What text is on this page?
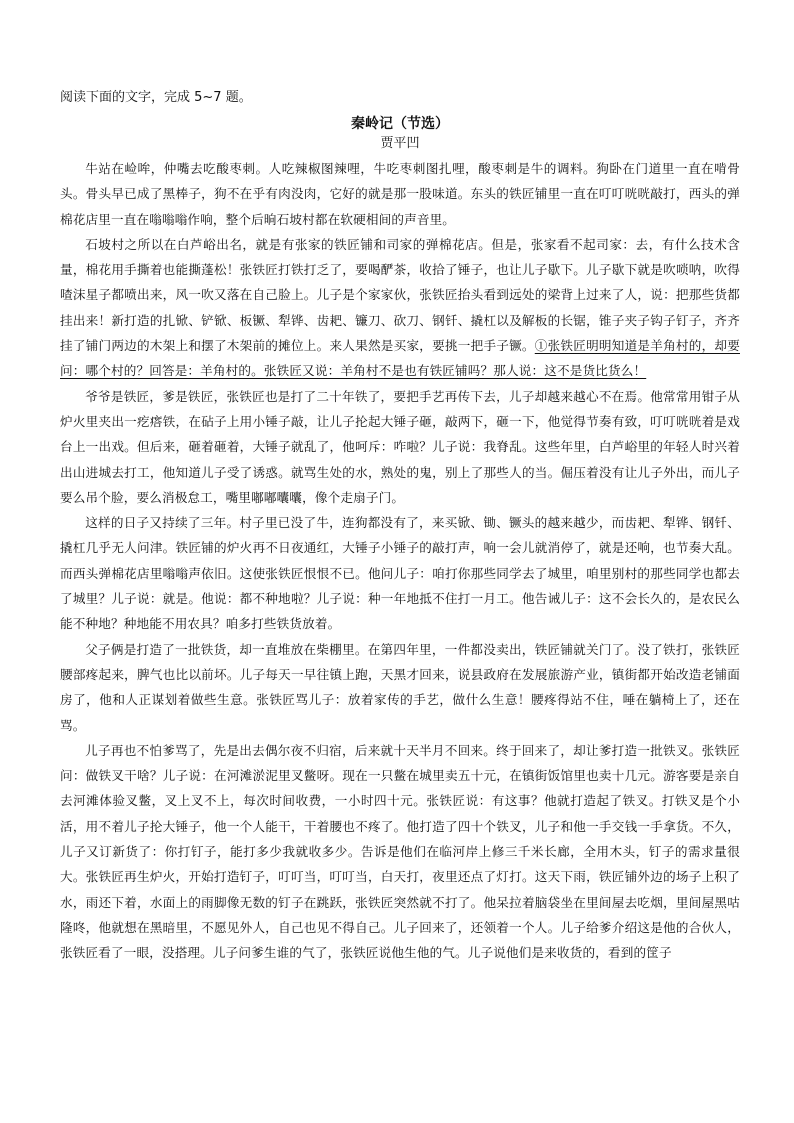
阅读下面的文字，完成 5~7 题。

秦岭记（节选）

贾平凹

牛站在崄哞，仲嘴去吃酸枣刺。人吃辣椒图辣哩，牛吃枣刺图扎哩，酸枣刺是牛的调料。狗卧在门道里一直在啃骨头。骨头早已成了黑棒子，狗不在乎有肉没肉，它好的就是那一股味道。东头的铁匠铺里一直在叮叮咣咣敲打，西头的弹棉花店里一直在嗡嗡嗡作响，整个后晌石坡村都在软硬相间的声音里。

石坡村之所以在白芦峪出名，就是有张家的铁匠铺和司家的弹棉花店。但是，张家看不起司家：去，有什么技术含量，棉花用手撕着也能撕蓬松！张铁匠打铁打乏了，要喝酽茶，收拾了锤子，也让儿子歇下。儿子歇下就是吹唢呐，吹得喳沫星子都喷出来，风一吹又落在自己脸上。儿子是个家家伙，张铁匠抬头看到远处的梁背上过来了人，说：把那些货都挂出来！新打造的扎锨、铲锨、板镢、犁铧、齿耙、镰刀、砍刀、钢钎、撬杠以及解板的长锯，锥子夹子钩子钉子，齐齐挂了铺门两边的木架上和摆了木架前的摊位上。来人果然是买家，要挑一把手子镢。①张铁匠明明知道是羊角村的，却要问：哪个村的？回答是：羊角村的。张铁匠又说：羊角村不是也有铁匠铺吗？那人说：这不是货比货么！

爷爷是铁匠，爹是铁匠，张铁匠也是打了二十年铁了，要把手艺再传下去，儿子却越来越心不在焉。他常常用钳子从炉火里夹出一疙瘩铁，在砧子上用小锤子敲，让儿子抡起大锤子砸，敲两下，砸一下，他觉得节奏有致，叮叮咣咣着是戏台上一出戏。但后来，砸着砸着，大锤子就乱了，他呵斥：咋啦？儿子说：我脊乱。这些年里，白芦峪里的年轻人时兴着出山进城去打工，他知道儿子受了诱惑。就骂生处的水，熟处的鬼，别上了那些人的当。倔压着没有让儿子外出，而儿子要么吊个脸，要么消极怠工，嘴里嘟嘟囔囔，像个走扇子门。

这样的日子又持续了三年。村子里已没了牛，连狗都没有了，来买锨、锄、镢头的越来越少，而齿耙、犁铧、钢钎、撬杠几乎无人问津。铁匠铺的炉火再不日夜通红，大锤子小锤子的敲打声，响一会儿就消停了，就是还响，也节奏大乱。而西头弹棉花店里嗡嗡声依旧。这使张铁匠恨恨不已。他问儿子：咱打你那些同学去了城里，咱里别村的那些同学也都去了城里？儿子说：就是。他说：都不种地啦？儿子说：种一年地抵不住打一月工。他告诫儿子：这不会长久的，是农民么能不种地？种地能不用农具？咱多打些铁货放着。

父子俩是打造了一批铁货，却一直堆放在柴棚里。在第四年里，一件都没卖出，铁匠铺就关门了。没了铁打，张铁匠腰部疼起来，脾气也比以前坏。儿子每天一早往镇上跑，天黑才回来，说县政府在发展旅游产业，镇街都开始改造老铺面房了，他和人正谋划着做些生意。张铁匠骂儿子：放着家传的手艺，做什么生意！腰疼得站不住，唾在躺椅上了，还在骂。

儿子再也不怕爹骂了，先是出去偶尔夜不归宿，后来就十天半月不回来。终于回来了，却让爹打造一批铁叉。张铁匠问：做铁叉干啥？儿子说：在河滩淤泥里叉鳖呀。现在一只鳖在城里卖五十元，在镇街饭馆里也卖十几元。游客要是亲自去河滩体验叉鳖，叉上叉不上，每次时间收费，一小时四十元。张铁匠说：有这事？他就打造起了铁叉。打铁叉是个小活，用不着儿子抡大锤子，他一个人能干，干着腰也不疼了。他打造了四十个铁叉，儿子和他一手交钱一手拿货。不久，儿子又订新货了：你打钉子，能打多少我就收多少。告诉是他们在临河岸上修三千米长廊，全用木头，钉子的需求量很大。张铁匠再生炉火，开始打造钉子，叮叮当，叮叮当，白天打，夜里还点了灯打。这天下雨，铁匠铺外边的场子上积了水，雨还下着，水面上的雨脚像无数的钉子在跳跃，张铁匠突然就不打了。他呆拉着脑袋坐在里间屋去吃烟，里间屋黑咕隆咚，他就想在黑暗里，不愿见外人，自己也见不得自己。儿子回来了，还领着一个人。儿子给爹介绍这是他的合伙人，张铁匠看了一眼，没搭理。儿子问爹生谁的气了，张铁匠说他生他的气。儿子说他们是来收货的，看到的筐子
